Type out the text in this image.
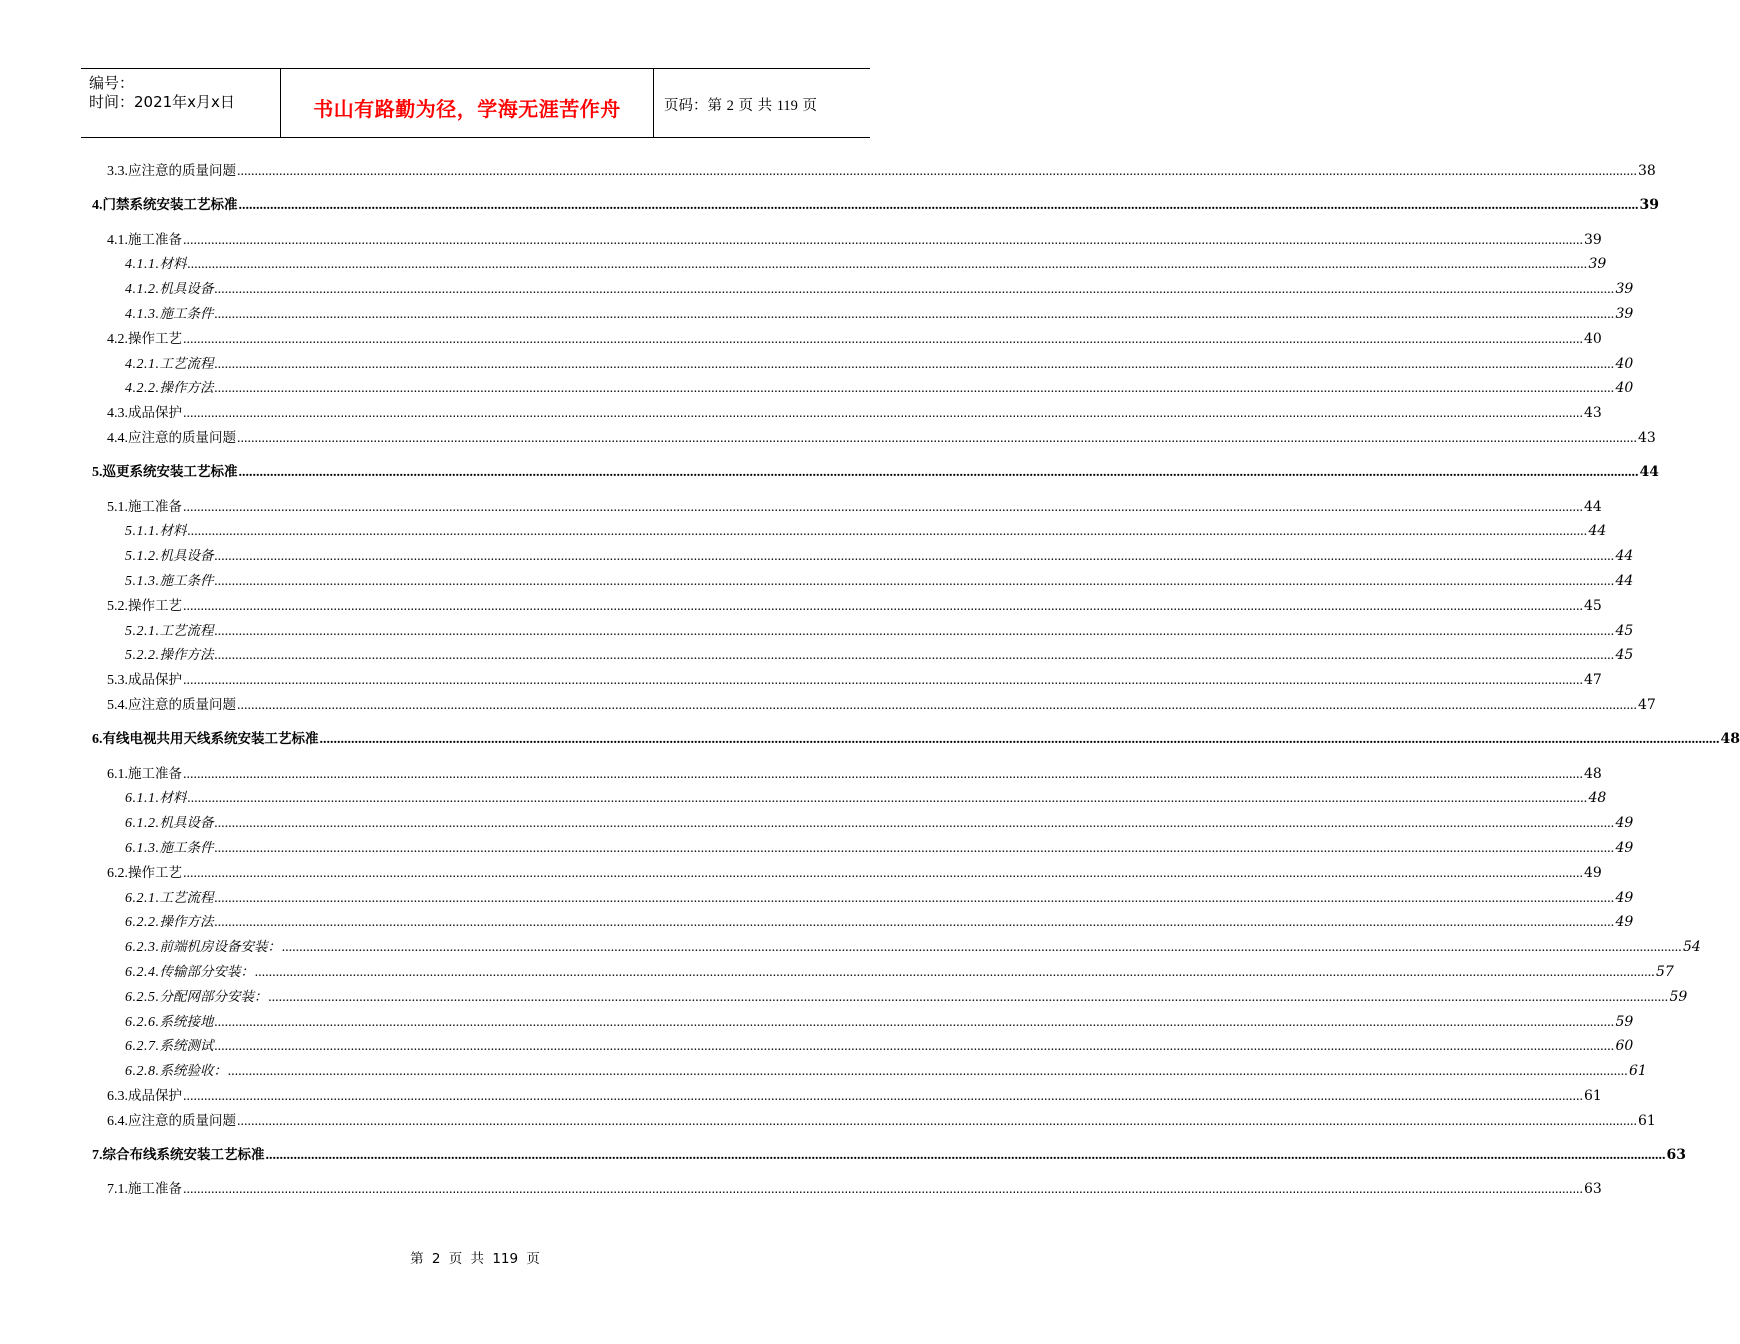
编号：
时间：2021年x月x日	书山有路勤为径，学海无涯苦作舟	页码：第 2 页 共 119 页
3.3. 应注意的质量问题 ................................................................................................................................................................................................................................................................................................................................................................................................................ 38
4. 门禁系统安装工艺标准 ................................................................................................................................................................................................................................................................................................................................................................................................................ 39
4.1. 施工准备 ................................................................................................................................................................................................................................................................................................................................................................................................................ 39
4.1.1. 材料 ................................................................................................................................................................................................................................................................................................................................................................................................................ 39
4.1.2. 机具设备 ................................................................................................................................................................................................................................................................................................................................................................................................................ 39
4.1.3. 施工条件 ................................................................................................................................................................................................................................................................................................................................................................................................................ 39
4.2. 操作工艺 ................................................................................................................................................................................................................................................................................................................................................................................................................ 40
4.2.1. 工艺流程 ................................................................................................................................................................................................................................................................................................................................................................................................................ 40
4.2.2. 操作方法 ................................................................................................................................................................................................................................................................................................................................................................................................................ 40
4.3. 成品保护 ................................................................................................................................................................................................................................................................................................................................................................................................................ 43
4.4. 应注意的质量问题 ................................................................................................................................................................................................................................................................................................................................................................................................................ 43
5. 巡更系统安装工艺标准 ................................................................................................................................................................................................................................................................................................................................................................................................................ 44
5.1. 施工准备 ................................................................................................................................................................................................................................................................................................................................................................................................................ 44
5.1.1. 材料 ................................................................................................................................................................................................................................................................................................................................................................................................................ 44
5.1.2. 机具设备 ................................................................................................................................................................................................................................................................................................................................................................................................................ 44
5.1.3. 施工条件 ................................................................................................................................................................................................................................................................................................................................................................................................................ 44
5.2. 操作工艺 ................................................................................................................................................................................................................................................................................................................................................................................................................ 45
5.2.1. 工艺流程 ................................................................................................................................................................................................................................................................................................................................................................................................................ 45
5.2.2. 操作方法 ................................................................................................................................................................................................................................................................................................................................................................................................................ 45
5.3. 成品保护 ................................................................................................................................................................................................................................................................................................................................................................................................................ 47
5.4. 应注意的质量问题 ................................................................................................................................................................................................................................................................................................................................................................................................................ 47
6. 有线电视共用天线系统安装工艺标准 ................................................................................................................................................................................................................................................................................................................................................................................................................ 48
6.1. 施工准备 ................................................................................................................................................................................................................................................................................................................................................................................................................ 48
6.1.1. 材料 ................................................................................................................................................................................................................................................................................................................................................................................................................ 48
6.1.2. 机具设备 ................................................................................................................................................................................................................................................................................................................................................................................................................ 49
6.1.3. 施工条件 ................................................................................................................................................................................................................................................................................................................................................................................................................ 49
6.2. 操作工艺 ................................................................................................................................................................................................................................................................................................................................................................................................................ 49
6.2.1. 工艺流程 ................................................................................................................................................................................................................................................................................................................................................................................................................ 49
6.2.2. 操作方法 ................................................................................................................................................................................................................................................................................................................................................................................................................ 49
6.2.3. 前端机房设备安装： ................................................................................................................................................................................................................................................................................................................................................................................................................ 54
6.2.4. 传输部分安装： ................................................................................................................................................................................................................................................................................................................................................................................................................ 57
6.2.5. 分配网部分安装： ................................................................................................................................................................................................................................................................................................................................................................................................................ 59
6.2.6. 系统接地 ................................................................................................................................................................................................................................................................................................................................................................................................................ 59
6.2.7. 系统测试 ................................................................................................................................................................................................................................................................................................................................................................................................................ 60
6.2.8. 系统验收： ................................................................................................................................................................................................................................................................................................................................................................................................................ 61
6.3. 成品保护 ................................................................................................................................................................................................................................................................................................................................................................................................................ 61
6.4. 应注意的质量问题 ................................................................................................................................................................................................................................................................................................................................................................................................................ 61
7. 综合布线系统安装工艺标准 ................................................................................................................................................................................................................................................................................................................................................................................................................ 63
7.1. 施工准备 ................................................................................................................................................................................................................................................................................................................................................................................................................ 63
第 2 页 共 119 页
